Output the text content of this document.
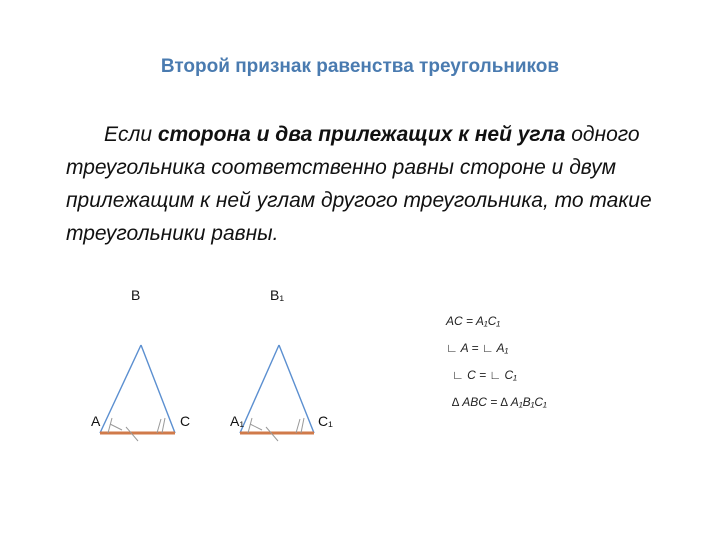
Второй признак равенства треугольников
Если сторона и два прилежащих к ней угла одного треугольника соответственно равны стороне и двум прилежащим к ней углам другого треугольника, то такие треугольники равны.
B
A	C
B₁
A₁	C₁
AC = A₁C₁
∟ A = ∟ A₁
∟ C = ∟ C₁
∆ ABC = ∆ A₁B₁C₁
